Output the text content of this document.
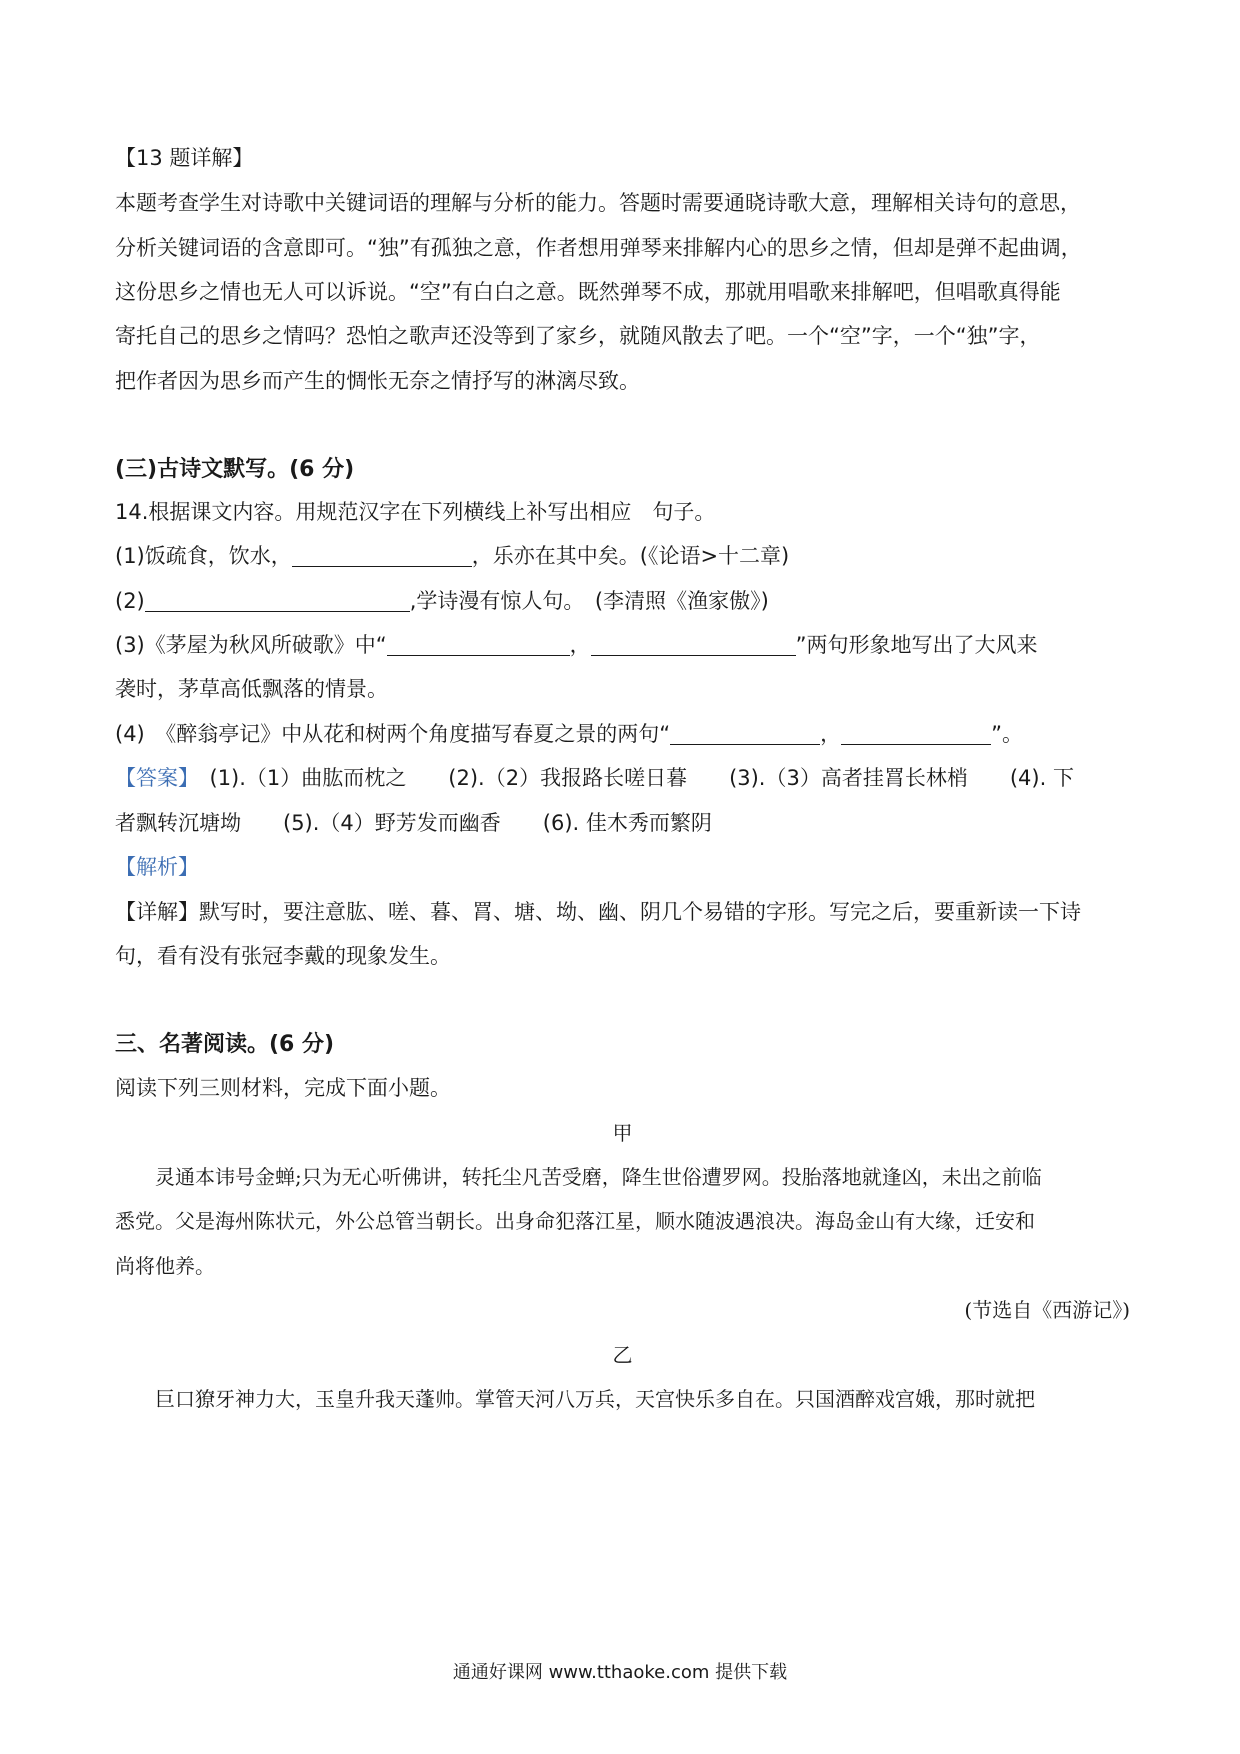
【13 题详解】
本题考查学生对诗歌中关键词语的理解与分析的能力。答题时需要通晓诗歌大意，理解相关诗句的意思，
分析关键词语的含意即可。“独”有孤独之意，作者想用弹琴来排解内心的思乡之情，但却是弹不起曲调，
这份思乡之情也无人可以诉说。“空”有白白之意。既然弹琴不成，那就用唱歌来排解吧，但唱歌真得能
寄托自己的思乡之情吗？恐怕之歌声还没等到了家乡，就随风散去了吧。一个“空”字，一个“独”字，
把作者因为思乡而产生的惆怅无奈之情抒写的淋漓尽致。
(三)古诗文默写。(6 分)
14.根据课文内容。用规范汉字在下列横线上补写出相应　句子。
(1)饭疏食，饮水，	，乐亦在其中矣。(《论语>十二章)
(2)	,学诗漫有惊人句。　(李清照《渔家傲》)
(3)《茅屋为秋风所破歌》中“	，	”两句形象地写出了大风来
袭时，茅草高低飘落的情景。
(4)　《醉翁亭记》中从花和树两个角度描写春夏之景的两句“	，	”。
【答案】　(1).（1）曲肱而枕之　　(2).（2）我报路长嗟日暮　　(3).（3）高者挂罥长林梢　　(4). 下
者飘转沉塘坳　　(5).（4）野芳发而幽香　　(6). 佳木秀而繁阴
【解析】
【详解】默写时，要注意肱、嗟、暮、罥、塘、坳、幽、阴几个易错的字形。写完之后，要重新读一下诗
句，看有没有张冠李戴的现象发生。
三、名著阅读。(6 分)
阅读下列三则材料，完成下面小题。
甲
　　灵通本讳号金蝉;只为无心听佛讲，转托尘凡苦受磨，降生世俗遭罗网。投胎落地就逢凶，未出之前临
悉党。父是海州陈状元，外公总管当朝长。出身命犯落江星，顺水随波遇浪决。海岛金山有大缘，迁安和
尚将他养。
(节选自《西游记》)
乙
　　巨口獠牙神力大，玉皇升我天蓬帅。掌管天河八万兵，天宫快乐多自在。只国酒醉戏宫娥，那时就把
通通好课网 www.tthaoke.com 提供下载
